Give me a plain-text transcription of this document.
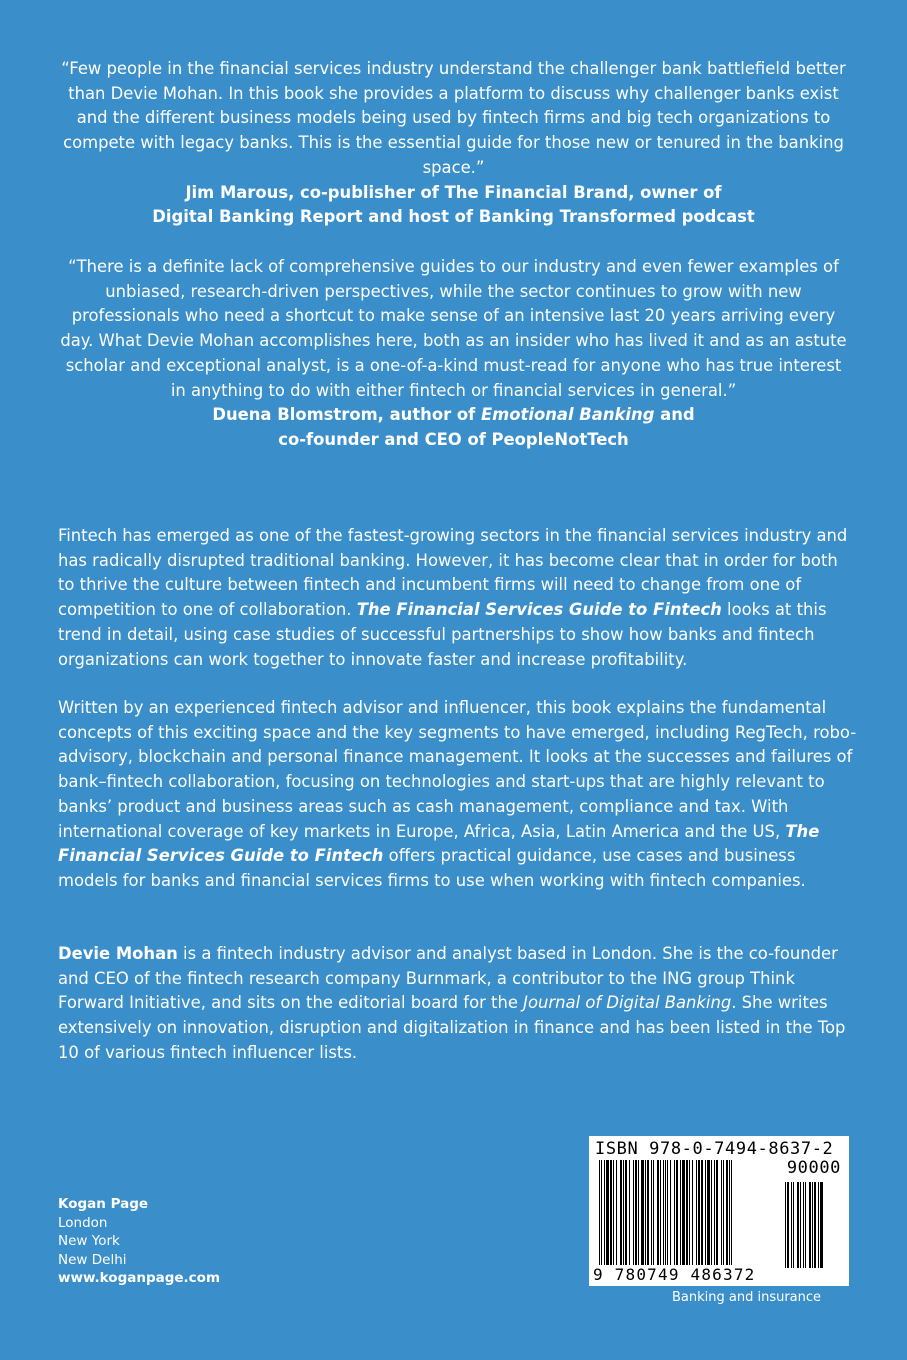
“Few people in the financial services industry understand the challenger bank battlefield better than Devie Mohan. In this book she provides a platform to discuss why challenger banks exist and the different business models being used by fintech firms and big tech organizations to compete with legacy banks. This is the essential guide for those new or tenured in the banking space.”
Jim Marous, co-publisher of The Financial Brand, owner of
Digital Banking Report and host of Banking Transformed podcast
“There is a definite lack of comprehensive guides to our industry and even fewer examples of unbiased, research-driven perspectives, while the sector continues to grow with new professionals who need a shortcut to make sense of an intensive last 20 years arriving every day. What Devie Mohan accomplishes here, both as an insider who has lived it and as an astute scholar and exceptional analyst, is a one-of-a-kind must-read for anyone who has true interest in anything to do with either fintech or financial services in general.”
Duena Blomstrom, author of Emotional Banking and
co-founder and CEO of PeopleNotTech

Fintech has emerged as one of the fastest-growing sectors in the financial services industry and has radically disrupted traditional banking. However, it has become clear that in order for both to thrive the culture between fintech and incumbent firms will need to change from one of competition to one of collaboration. The Financial Services Guide to Fintech looks at this trend in detail, using case studies of successful partnerships to show how banks and fintech organizations can work together to innovate faster and increase profitability.

Written by an experienced fintech advisor and influencer, this book explains the fundamental concepts of this exciting space and the key segments to have emerged, including RegTech, robo-advisory, blockchain and personal finance management. It looks at the successes and failures of bank–fintech collaboration, focusing on technologies and start-ups that are highly relevant to banks’ product and business areas such as cash management, compliance and tax. With international coverage of key markets in Europe, Africa, Asia, Latin America and the US, The Financial Services Guide to Fintech offers practical guidance, use cases and business models for banks and financial services firms to use when working with fintech companies.

Devie Mohan is a fintech industry advisor and analyst based in London. She is the co-founder and CEO of the fintech research company Burnmark, a contributor to the ING group Think Forward Initiative, and sits on the editorial board for the Journal of Digital Banking. She writes extensively on innovation, disruption and digitalization in finance and has been listed in the Top 10 of various fintech influencer lists.

Kogan Page
London
New York
New Delhi
www.koganpage.com
ISBN 978-0-7494-8637-2
90000
9 780749 486372
Banking and insurance
